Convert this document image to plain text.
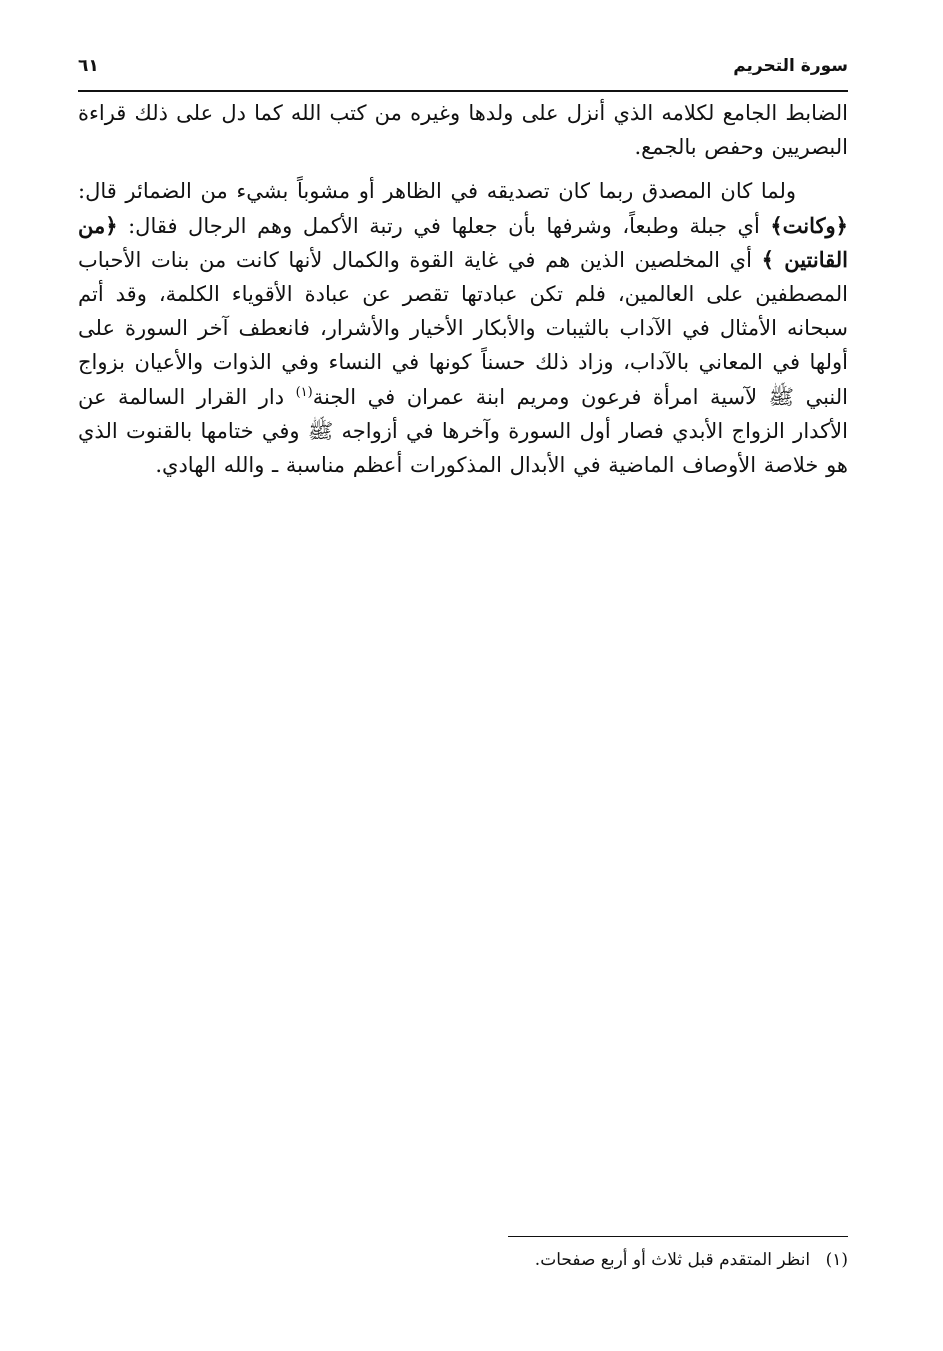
سورة التحريم
٦١

الضابط الجامع لكلامه الذي أنزل على ولدها وغيره من كتب الله كما دل على ذلك قراءة البصريين وحفص بالجمع.

ولما كان المصدق ربما كان تصديقه في الظاهر أو مشوباً بشيء من الضمائر قال: ﴿وكانت﴾ أي جبلة وطبعاً، وشرفها بأن جعلها في رتبة الأكمل وهم الرجال فقال: ﴿من القانتين ﴾ أي المخلصين الذين هم في غاية القوة والكمال لأنها كانت من بنات الأحباب المصطفين على العالمين، فلم تكن عبادتها تقصر عن عبادة الأقوياء الكلمة، وقد أتم سبحانه الأمثال في الآداب بالثيبات والأبكار الأخيار والأشرار، فانعطف آخر السورة على أولها في المعاني بالآداب، وزاد ذلك حسناً كونها في النساء وفي الذوات والأعيان بزواج النبي ﷺ لآسية امرأة فرعون ومريم ابنة عمران في الجنة$^{(١)}$ دار القرار السالمة عن الأكدار الزواج الأبدي فصار أول السورة وآخرها في أزواجه ﷺ وفي ختامها بالقنوت الذي هو خلاصة الأوصاف الماضية في الأبدال المذكورات أعظم مناسبة ـ والله الهادي.

(١) انظر المتقدم قبل ثلاث أو أربع صفحات.
